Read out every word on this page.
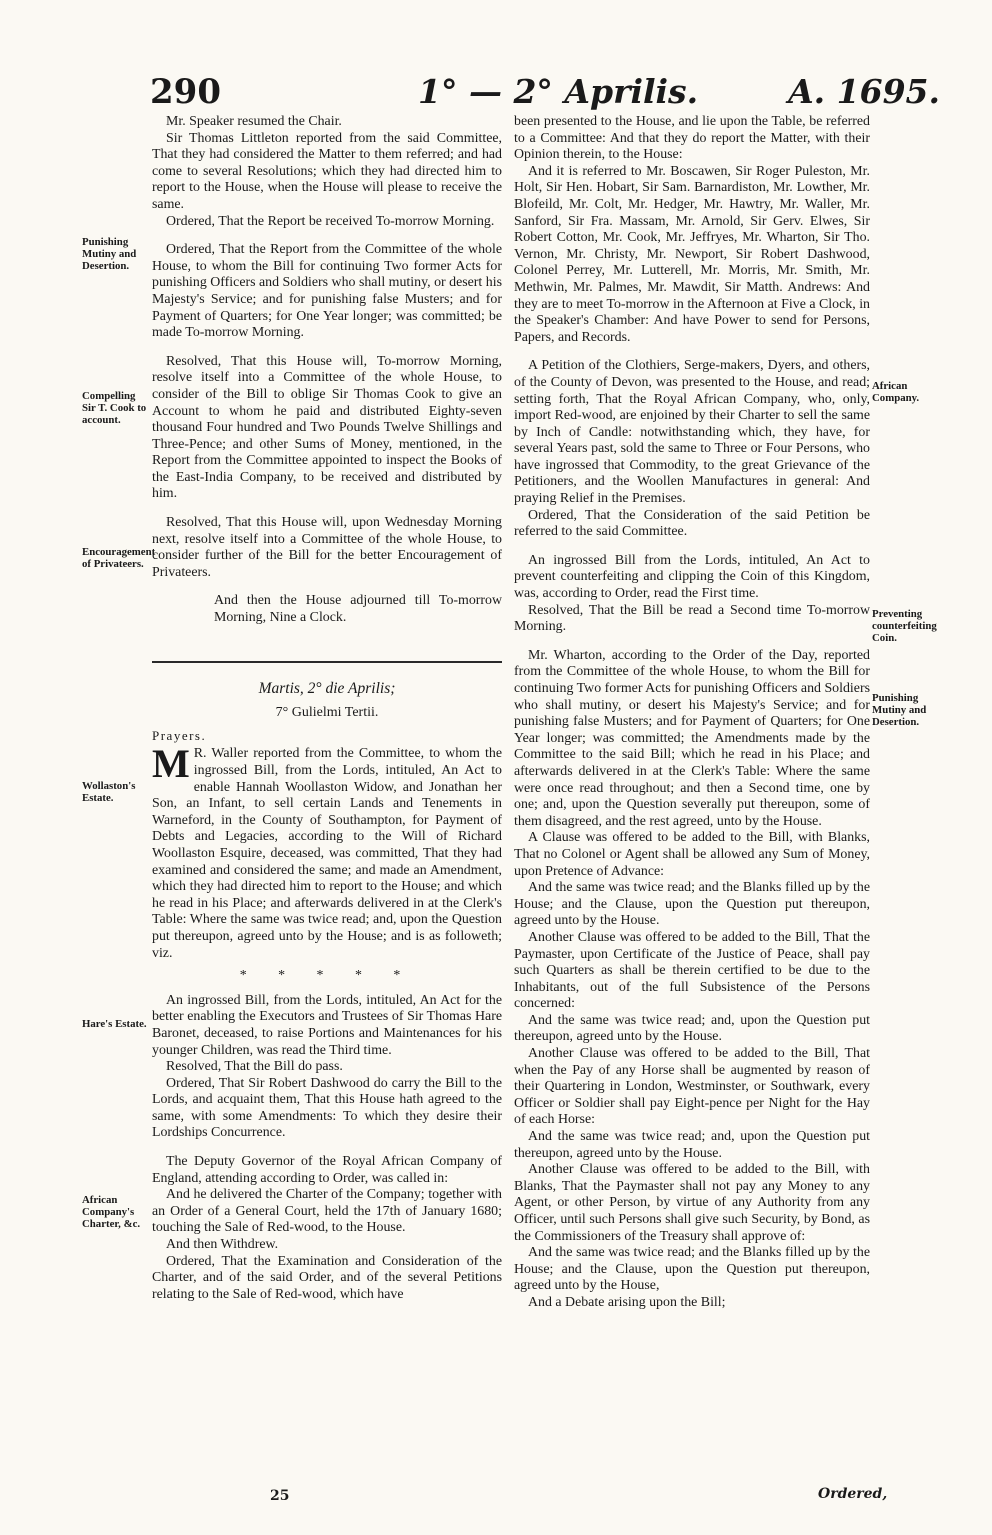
290	1° — 2° Aprilis.	A. 1695.
Punishing Mutiny and Desertion.
Compelling Sir T. Cook to account.
Encouragement of Privateers.
Wollaston's Estate.
Hare's Estate.
African Company's Charter, &c.
African Company.
Preventing counterfeiting Coin.
Punishing Mutiny and Desertion.

Mr. Speaker resumed the Chair.

Sir Thomas Littleton reported from the said Committee, That they had considered the Matter to them referred; and had come to several Resolutions; which they had directed him to report to the House, when the House will please to receive the same.

Ordered, That the Report be received To-morrow Morning.

Ordered, That the Report from the Committee of the whole House, to whom the Bill for continuing Two former Acts for punishing Officers and Soldiers who shall mutiny, or desert his Majesty's Service; and for punishing false Musters; and for Payment of Quarters; for One Year longer; was committed; be made To-morrow Morning.

Resolved, That this House will, To-morrow Morning, resolve itself into a Committee of the whole House, to consider of the Bill to oblige Sir Thomas Cook to give an Account to whom he paid and distributed Eighty-seven thousand Four hundred and Two Pounds Twelve Shillings and Three-Pence; and other Sums of Money, mentioned, in the Report from the Committee appointed to inspect the Books of the East-India Company, to be received and distributed by him.

Resolved, That this House will, upon Wednesday Morning next, resolve itself into a Committee of the whole House, to consider further of the Bill for the better Encouragement of Privateers.

And then the House adjourned till To-morrow Morning, Nine a Clock.

Martis, 2° die Aprilis;
7° Gulielmi Tertii.
Prayers.

M R. Waller reported from the Committee, to whom the ingrossed Bill, from the Lords, intituled, An Act to enable Hannah Woollaston Widow, and Jonathan her Son, an Infant, to sell certain Lands and Tenements in Warneford, in the County of Southampton, for Payment of Debts and Legacies, according to the Will of Richard Woollaston Esquire, deceased, was committed, That they had examined and considered the same; and made an Amendment, which they had directed him to report to the House; and which he read in his Place; and afterwards delivered in at the Clerk's Table: Where the same was twice read; and, upon the Question put thereupon, agreed unto by the House; and is as followeth; viz.

* * * * *

An ingrossed Bill, from the Lords, intituled, An Act for the better enabling the Executors and Trustees of Sir Thomas Hare Baronet, deceased, to raise Portions and Maintenances for his younger Children, was read the Third time.

Resolved, That the Bill do pass.

Ordered, That Sir Robert Dashwood do carry the Bill to the Lords, and acquaint them, That this House hath agreed to the same, with some Amendments: To which they desire their Lordships Concurrence.

The Deputy Governor of the Royal African Company of England, attending according to Order, was called in:

And he delivered the Charter of the Company; together with an Order of a General Court, held the 17th of January 1680; touching the Sale of Red-wood, to the House.

And then Withdrew.

Ordered, That the Examination and Consideration of the Charter, and of the said Order, and of the several Petitions relating to the Sale of Red-wood, which have

been presented to the House, and lie upon the Table, be referred to a Committee: And that they do report the Matter, with their Opinion therein, to the House:

And it is referred to Mr. Boscawen, Sir Roger Puleston, Mr. Holt, Sir Hen. Hobart, Sir Sam. Barnardiston, Mr. Lowther, Mr. Blofeild, Mr. Colt, Mr. Hedger, Mr. Hawtry, Mr. Waller, Mr. Sanford, Sir Fra. Massam, Mr. Arnold, Sir Gerv. Elwes, Sir Robert Cotton, Mr. Cook, Mr. Jeffryes, Mr. Wharton, Sir Tho. Vernon, Mr. Christy, Mr. Newport, Sir Robert Dashwood, Colonel Perrey, Mr. Lutterell, Mr. Morris, Mr. Smith, Mr. Methwin, Mr. Palmes, Mr. Mawdit, Sir Matth. Andrews: And they are to meet To-morrow in the Afternoon at Five a Clock, in the Speaker's Chamber: And have Power to send for Persons, Papers, and Records.

A Petition of the Clothiers, Serge-makers, Dyers, and others, of the County of Devon, was presented to the House, and read; setting forth, That the Royal African Company, who, only, import Red-wood, are enjoined by their Charter to sell the same by Inch of Candle: notwithstanding which, they have, for several Years past, sold the same to Three or Four Persons, who have ingrossed that Commodity, to the great Grievance of the Petitioners, and the Woollen Manufactures in general: And praying Relief in the Premises.

Ordered, That the Consideration of the said Petition be referred to the said Committee.

An ingrossed Bill from the Lords, intituled, An Act to prevent counterfeiting and clipping the Coin of this Kingdom, was, according to Order, read the First time.

Resolved, That the Bill be read a Second time To-morrow Morning.

Mr. Wharton, according to the Order of the Day, reported from the Committee of the whole House, to whom the Bill for continuing Two former Acts for punishing Officers and Soldiers who shall mutiny, or desert his Majesty's Service; and for punishing false Musters; and for Payment of Quarters; for One Year longer; was committed; the Amendments made by the Committee to the said Bill; which he read in his Place; and afterwards delivered in at the Clerk's Table: Where the same were once read throughout; and then a Second time, one by one; and, upon the Question severally put thereupon, some of them disagreed, and the rest agreed, unto by the House.

A Clause was offered to be added to the Bill, with Blanks, That no Colonel or Agent shall be allowed any Sum of Money, upon Pretence of Advance:

And the same was twice read; and the Blanks filled up by the House; and the Clause, upon the Question put thereupon, agreed unto by the House.

Another Clause was offered to be added to the Bill, That the Paymaster, upon Certificate of the Justice of Peace, shall pay such Quarters as shall be therein certified to be due to the Inhabitants, out of the full Subsistence of the Persons concerned:

And the same was twice read; and, upon the Question put thereupon, agreed unto by the House.

Another Clause was offered to be added to the Bill, That when the Pay of any Horse shall be augmented by reason of their Quartering in London, Westminster, or Southwark, every Officer or Soldier shall pay Eight-pence per Night for the Hay of each Horse:

And the same was twice read; and, upon the Question put thereupon, agreed unto by the House.

Another Clause was offered to be added to the Bill, with Blanks, That the Paymaster shall not pay any Money to any Agent, or other Person, by virtue of any Authority from any Officer, until such Persons shall give such Security, by Bond, as the Commissioners of the Treasury shall approve of:

And the same was twice read; and the Blanks filled up by the House; and the Clause, upon the Question put thereupon, agreed unto by the House,

And a Debate arising upon the Bill;

25	Ordered,
